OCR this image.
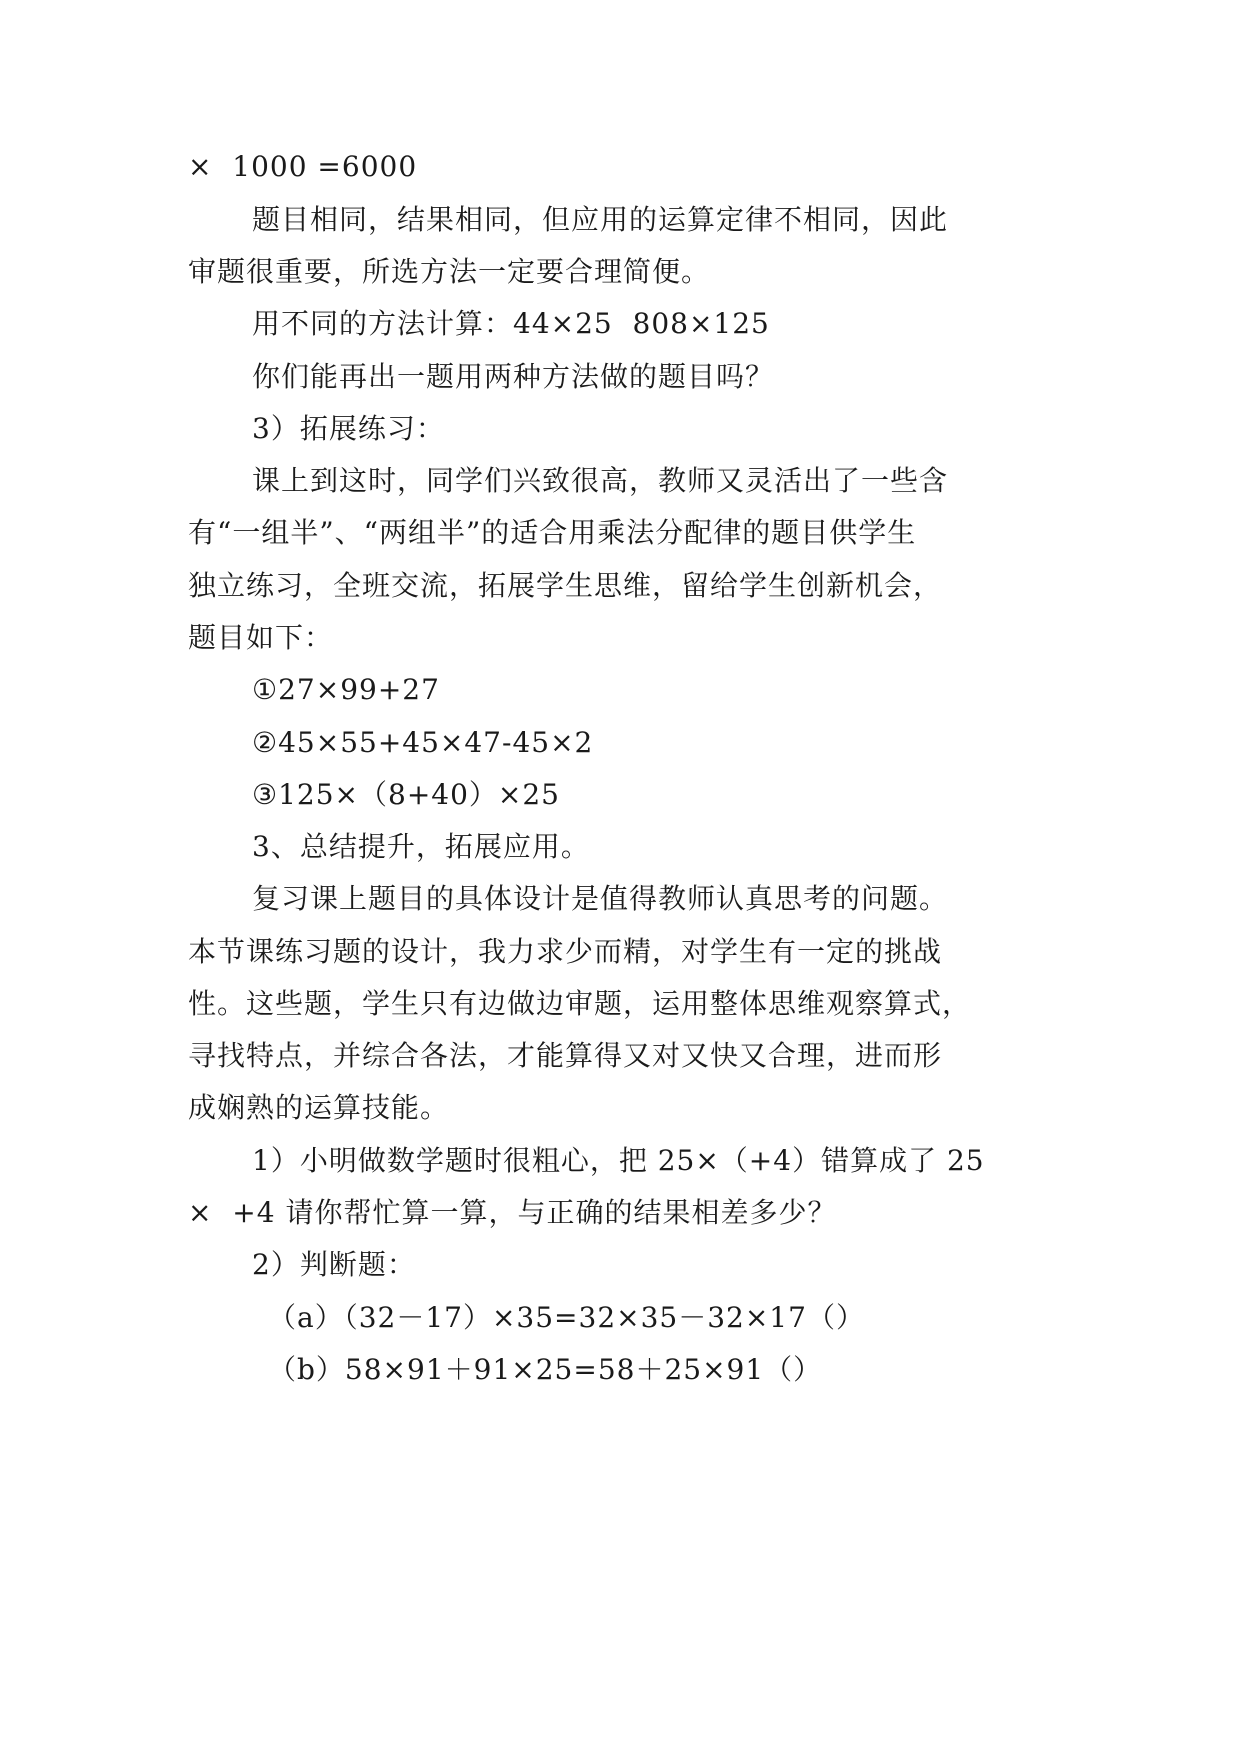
×  1000 =6000
题目相同，结果相同，但应用的运算定律不相同，因此
审题很重要，所选方法一定要合理简便。
用不同的方法计算：44×25  808×125
你们能再出一题用两种方法做的题目吗？
3）拓展练习：
课上到这时，同学们兴致很高，教师又灵活出了一些含
有“一组半”、“两组半”的适合用乘法分配律的题目供学生
独立练习，全班交流，拓展学生思维，留给学生创新机会，
题目如下：
①27×99+27
②45×55+45×47-45×2
③125×（8+40）×25
3、总结提升，拓展应用。
复习课上题目的具体设计是值得教师认真思考的问题。
本节课练习题的设计，我力求少而精，对学生有一定的挑战
性。这些题，学生只有边做边审题，运用整体思维观察算式，
寻找特点，并综合各法，才能算得又对又快又合理，进而形
成娴熟的运算技能。
1）小明做数学题时很粗心，把 25×（+4）错算成了 25
×  +4 请你帮忙算一算，与正确的结果相差多少？
2）判断题：
（a）（32－17）×35=32×35－32×17（）
（b）58×91＋91×25=58＋25×91（）
